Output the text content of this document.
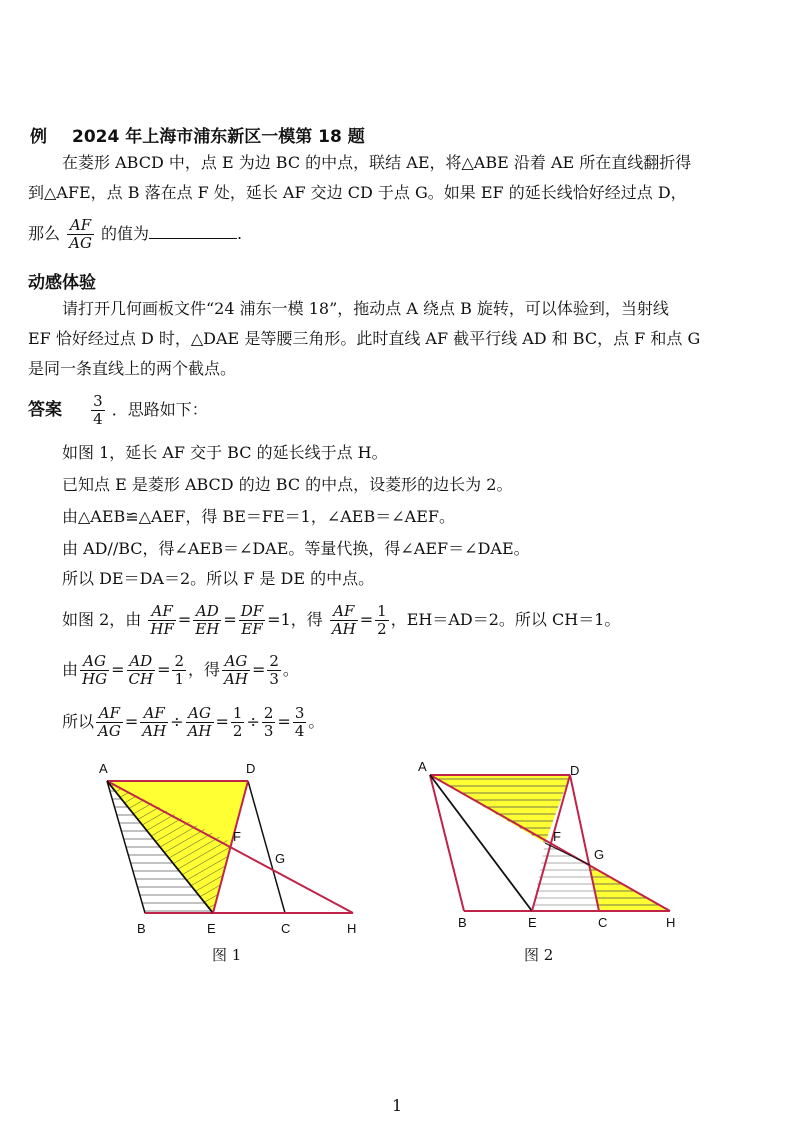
例 2024 年上海市浦东新区一模第 18 题
在菱形 ABCD 中，点 E 为边 BC 的中点，联结 AE，将△ABE 沿着 AE 所在直线翻折得
到△AFE，点 B 落在点 F 处，延长 AF 交边 CD 于点 G。如果 EF 的延长线恰好经过点 D，
那么 $\frac{AF}{AG}$ 的值为	.
动感体验
请打开几何画板文件“24 浦东一模 18”，拖动点 A 绕点 B 旋转，可以体验到，当射线
EF 恰好经过点 D 时，△DAE 是等腰三角形。此时直线 AF 截平行线 AD 和 BC，点 F 和点 G
是同一条直线上的两个截点。
答案 $\frac{3}{4}$ ．思路如下：
如图 1，延长 AF 交于 BC 的延长线于点 H。
已知点 E 是菱形 ABCD 的边 BC 的中点，设菱形的边长为 2。
由△AEB≌△AEF，得 BE＝FE＝1，∠AEB＝∠AEF。
由 AD//BC，得∠AEB＝∠DAE。等量代换，得∠AEF＝∠DAE。
所以 DE＝DA＝2。所以 F 是 DE 的中点。
如图 2，由 $\frac{AF}{HF} = \frac{AD}{EH} = \frac{DF}{EF} =1$，得 $\frac{AF}{AH} = \frac{1}{2}$ ，EH＝AD＝2。所以 CH＝1。
由 $\frac{AG}{HG} = \frac{AD}{CH} = \frac{2}{1}$ ，得 $\frac{AG}{AH} = \frac{2}{3}$ 。
所以 $\frac{AF}{AG} = \frac{AF}{AH} \div \frac{AG}{AH} = \frac{1}{2} \div \frac{2}{3} = \frac{3}{4}$ 。
A	D
F
G
B	E	C	H
图 1
A	D
F
G
B	E	C	H
图 2
1
